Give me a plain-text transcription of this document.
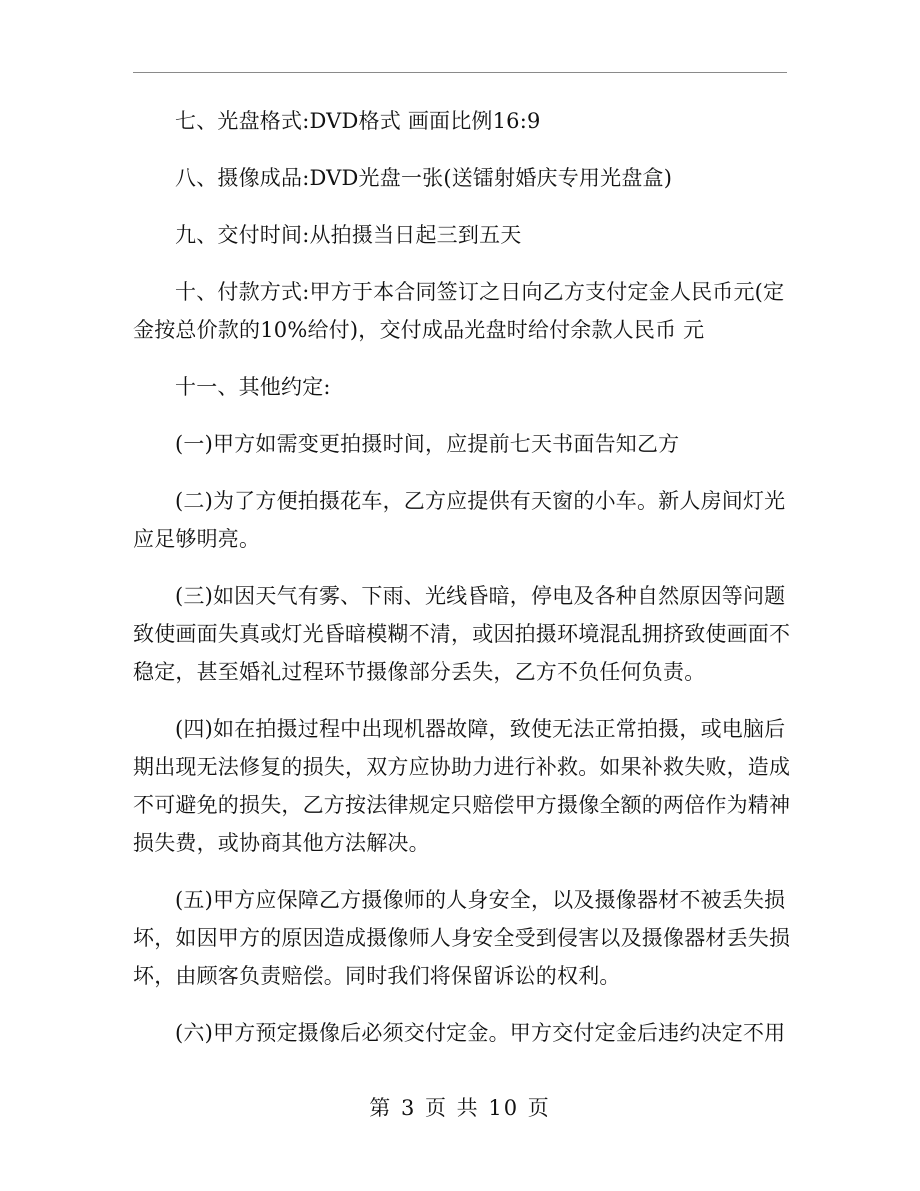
七、光盘格式:DVD格式 画面比例16:9

八、摄像成品:DVD光盘一张(送镭射婚庆专用光盘盒)

九、交付时间:从拍摄当日起三到五天

十、付款方式:甲方于本合同签订之日向乙方支付定金人民币元(定金按总价款的10%给付)，交付成品光盘时给付余款人民币 元

十一、其他约定:

(一)甲方如需变更拍摄时间，应提前七天书面告知乙方

(二)为了方便拍摄花车，乙方应提供有天窗的小车。新人房间灯光应足够明亮。

(三)如因天气有雾、下雨、光线昏暗，停电及各种自然原因等问题致使画面失真或灯光昏暗模糊不清，或因拍摄环境混乱拥挤致使画面不稳定，甚至婚礼过程环节摄像部分丢失，乙方不负任何负责。

(四)如在拍摄过程中出现机器故障，致使无法正常拍摄，或电脑后期出现无法修复的损失，双方应协助力进行补救。如果补救失败，造成不可避免的损失，乙方按法律规定只赔偿甲方摄像全额的两倍作为精神损失费，或协商其他方法解决。

(五)甲方应保障乙方摄像师的人身安全，以及摄像器材不被丢失损坏，如因甲方的原因造成摄像师人身安全受到侵害以及摄像器材丢失损坏，由顾客负责赔偿。同时我们将保留诉讼的权利。

(六)甲方预定摄像后必须交付定金。甲方交付定金后违约决定不用

第 3 页 共 10 页
